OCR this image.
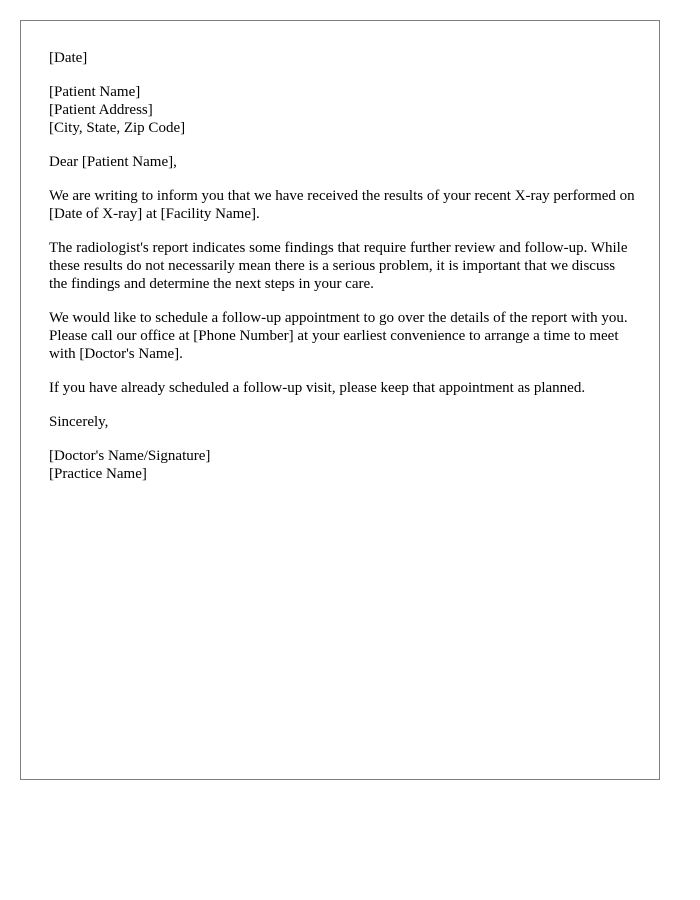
[Date]
[Patient Name]
[Patient Address]
[City, State, Zip Code]
Dear [Patient Name],

We are writing to inform you that we have received the results of your recent X-ray performed on [Date of X-ray] at [Facility Name].

The radiologist's report indicates some findings that require further review and follow-up. While these results do not necessarily mean there is a serious problem, it is important that we discuss the findings and determine the next steps in your care.

We would like to schedule a follow-up appointment to go over the details of the report with you. Please call our office at [Phone Number] at your earliest convenience to arrange a time to meet with [Doctor's Name].

If you have already scheduled a follow-up visit, please keep that appointment as planned.

Sincerely,
[Doctor's Name/Signature]
[Practice Name]
